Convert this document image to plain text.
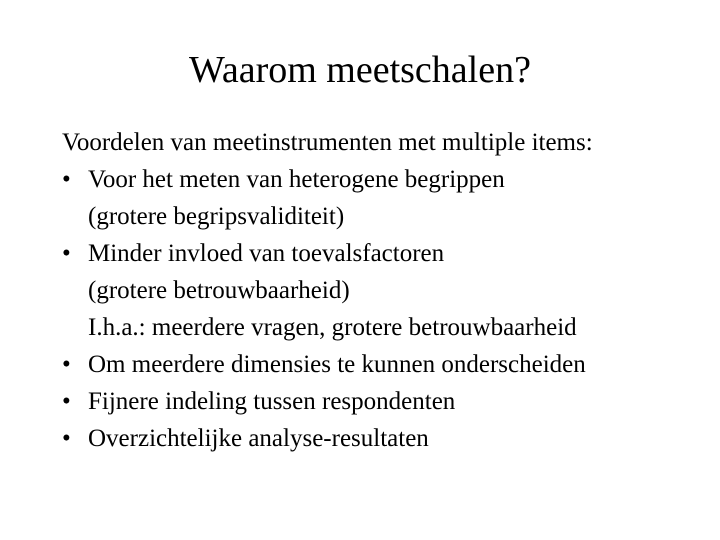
Waarom meetschalen?
Voordelen van meetinstrumenten met multiple items:
• Voor het meten van heterogene begrippen
(grotere begripsvaliditeit)
• Minder invloed van toevalsfactoren
(grotere betrouwbaarheid)
I.h.a.: meerdere vragen, grotere betrouwbaarheid
• Om meerdere dimensies te kunnen onderscheiden
• Fijnere indeling tussen respondenten
• Overzichtelijke analyse-resultaten
